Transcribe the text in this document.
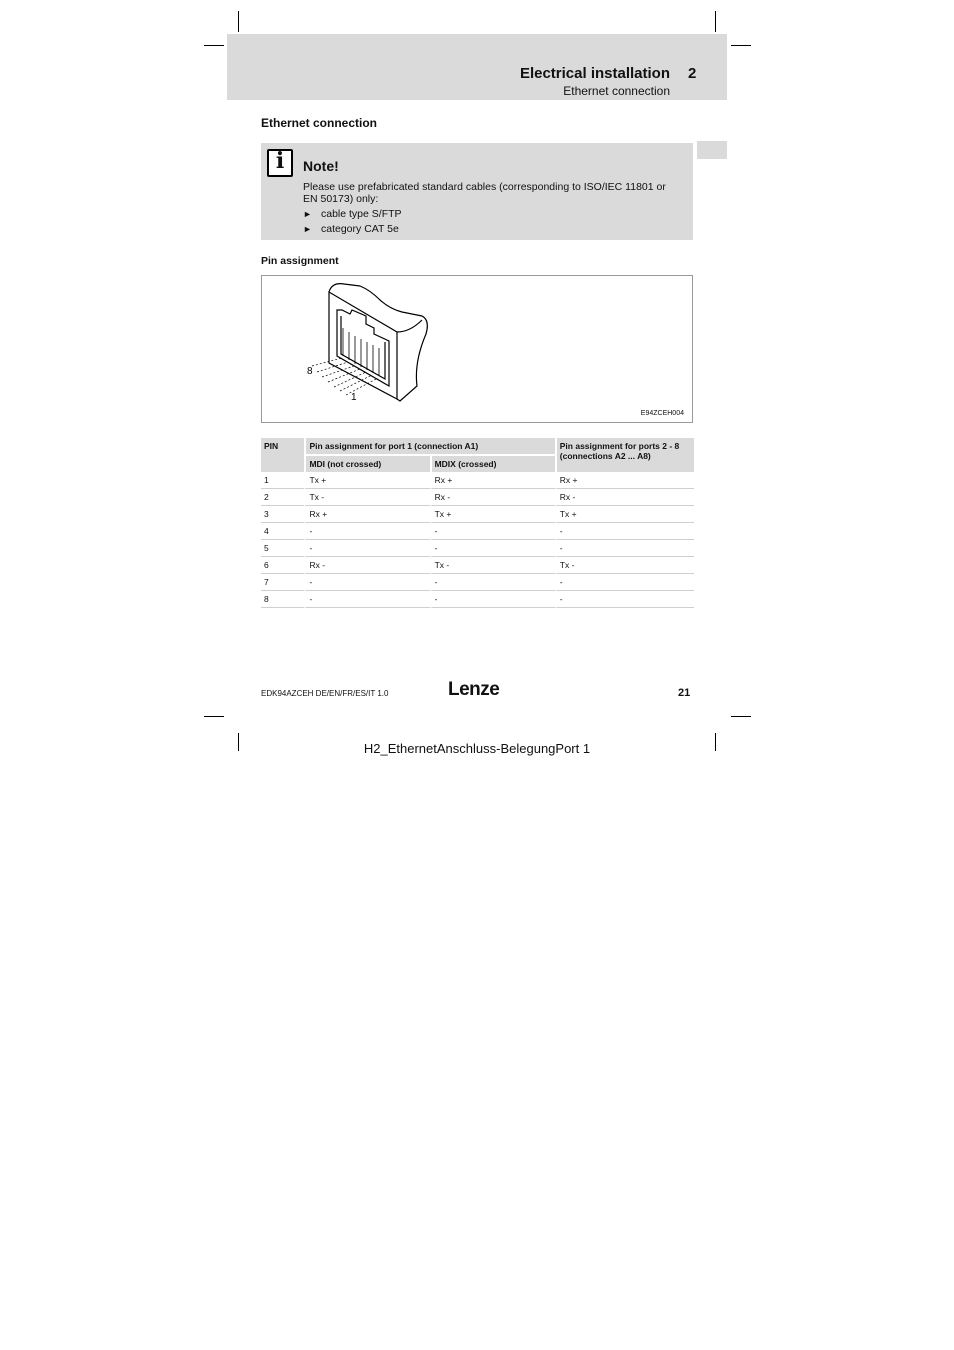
Electrical installation 2
Ethernet connection
Ethernet connection
i	Note!
Please use prefabricated standard cables (corresponding to ISO/IEC 11801 or EN 50173) only:
► cable type S/FTP
► category CAT 5e
Pin assignment
8
1
E94ZCEH004
PIN	Pin assignment for port 1 (connection A1)		Pin assignment for ports 2 - 8 (connections A2 ... A8)
	MDI (not crossed)	MDIX (crossed)	
1	Tx +	Rx +	Rx +
2	Tx -	Rx -	Rx -
3	Rx +	Tx +	Tx +
4	-	-	-
5	-	-	-
6	Rx -	Tx -	Tx -
7	-	-	-
8	-	-	-
EDK94AZCEH DE/EN/FR/ES/IT 1.0	Lenze	21
H2_EthernetAnschluss-BelegungPort 1
